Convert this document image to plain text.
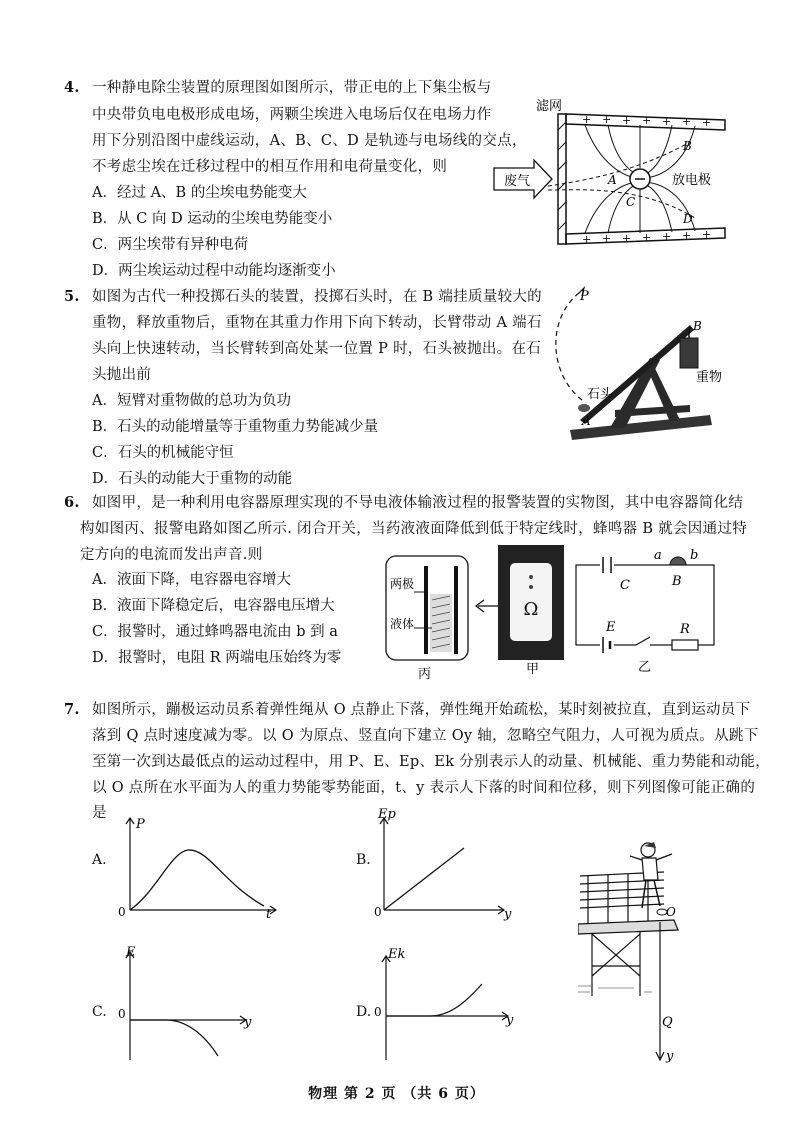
4. 一种静电除尘装置的原理图如图所示，带正电的上下集尘板与
中央带负电电极形成电场，两颗尘埃进入电场后仅在电场力作
用下分别沿图中虚线运动，A、B、C、D 是轨迹与电场线的交点，
不考虑尘埃在迁移过程中的相互作用和电荷量变化，则
A．经过 A、B 的尘埃电势能变大
B．从 C 向 D 运动的尘埃电势能变小
C．两尘埃带有异种电荷
D．两尘埃运动过程中动能均逐渐变小
+ + + + + + +
+ + + + + + +
废气
滤网
放电极
A
B
C
D
5. 如图为古代一种投掷石头的装置，投掷石头时，在 B 端挂质量较大的
重物，释放重物后，重物在其重力作用下向下转动，长臂带动 A 端石
头向上快速转动，当长臂转到高处某一位置 P 时，石头被抛出。在石
头抛出前
A．短臂对重物做的总功为负功
B．石头的动能增量等于重物重力势能减少量
C．石头的机械能守恒
D．石头的动能大于重物的动能
P
B
A
石头
重物
6. 如图甲，是一种利用电容器原理实现的不导电液体输液过程的报警装置的实物图，其中电容器简化结
构如图丙、报警电路如图乙所示. 闭合开关，当药液液面降低到低于特定线时，蜂鸣器 B 就会因通过特
定方向的电流而发出声音.则
A．液面下降，电容器电容增大
B．液面下降稳定后，电容器电压增大
C．报警时，通过蜂鸣器电流由 b 到 a
D．报警时，电阻 R 两端电压始终为零
两极
液体
丙
Ω
甲
C
a b
B
E	R
乙
7. 如图所示，蹦极运动员系着弹性绳从 O 点静止下落，弹性绳开始疏松，某时刻被拉直，直到运动员下
落到 Q 点时速度减为零。以 O 为原点、竖直向下建立 Oy 轴，忽略空气阻力，人可视为质点。从跳下
至第一次到达最低点的运动过程中，用 P、E、Ep、Ek 分别表示人的动量、机械能、重力势能和动能，
以 O 点所在水平面为人的重力势能零势能面，t、y 表示人下落的时间和位移，则下列图像可能正确的
是
A.
P
t
0
B.
Ep
y
0
C.
E
y
0	D.
Ek
y
0
O
Q
y
物理 第 2 页 （共 6 页）
